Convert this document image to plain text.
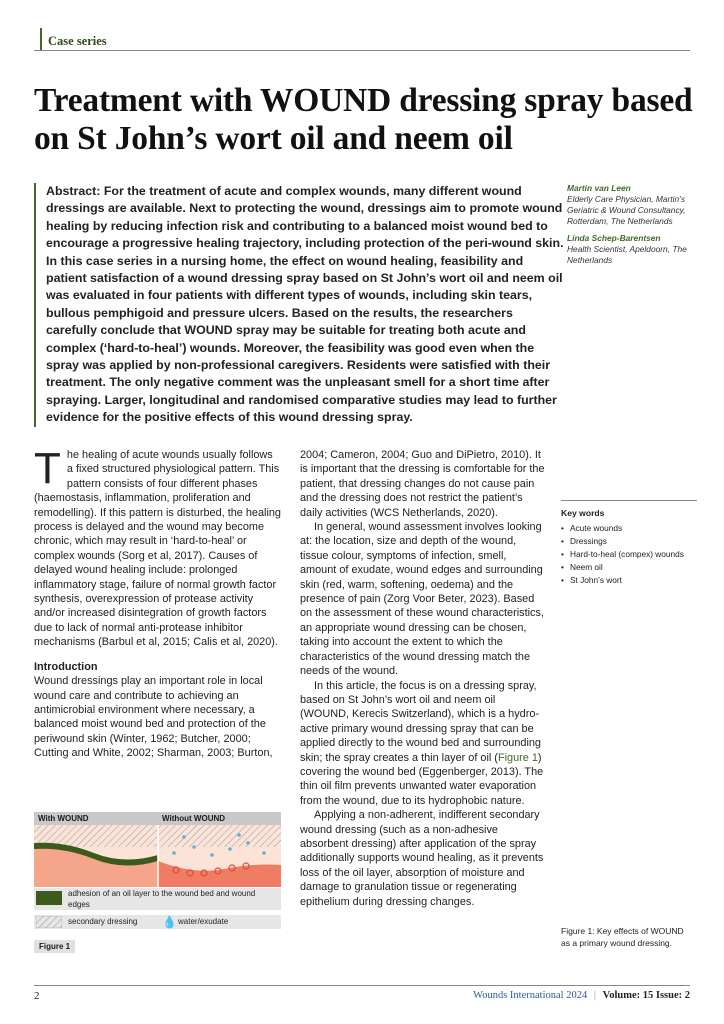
Case series
Treatment with WOUND dressing spray based on St John’s wort oil and neem oil
Abstract: For the treatment of acute and complex wounds, many different wound dressings are available. Next to protecting the wound, dressings aim to promote wound healing by reducing infection risk and contributing to a balanced moist wound bed to encourage a progressive healing trajectory, including protection of the peri-wound skin. In this case series in a nursing home, the effect on wound healing, feasibility and patient satisfaction of a wound dressing spray based on St John’s wort oil and neem oil was evaluated in four patients with different types of wounds, including skin tears, bullous pemphigoid and pressure ulcers. Based on the results, the researchers carefully conclude that WOUND spray may be suitable for treating both acute and complex (‘hard-to-heal’) wounds. Moreover, the feasibility was good even when the spray was applied by non-professional caregivers. Residents were satisfied with their treatment. The only negative comment was the unpleasant smell for a short time after spraying. Larger, longitudinal and randomised comparative studies may lead to further evidence for the positive effects of this wound dressing spray.
Martin van Leen
Elderly Care Physician, Martin’s Geriatric & Wound Consultancy, Rotterdam, The Netherlands
Linda Schep-Barentsen
Health Scientist, Apeldoorn, The Netherlands
The healing of acute wounds usually follows a fixed structured physiological pattern. This pattern consists of four different phases (haemostasis, inflammation, proliferation and remodelling). If this pattern is disturbed, the healing process is delayed and the wound may become chronic, which may result in ‘hard-to-heal’ or complex wounds (Sorg et al, 2017). Causes of delayed wound healing include: prolonged inflammatory stage, failure of normal growth factor synthesis, overexpression of protease activity and/or increased disintegration of growth factors due to lack of normal anti-protease inhibitor mechanisms (Barbul et al, 2015; Calis et al, 2020).
Introduction
Wound dressings play an important role in local wound care and contribute to achieving an antimicrobial environment where necessary, a balanced moist wound bed and protection of the periwound skin (Winter, 1962; Butcher, 2000; Cutting and White, 2002; Sharman, 2003; Burton,
2004; Cameron, 2004; Guo and DiPietro, 2010). It is important that the dressing is comfortable for the patient, that dressing changes do not cause pain and the dressing does not restrict the patient’s daily activities (WCS Netherlands, 2020).
In general, wound assessment involves looking at: the location, size and depth of the wound, tissue colour, symptoms of infection, smell, amount of exudate, wound edges and surrounding skin (red, warm, softening, oedema) and the presence of pain (Zorg Voor Beter, 2023). Based on the assessment of these wound characteristics, an appropriate wound dressing can be chosen, taking into account the extent to which the characteristics of the wound dressing match the needs of the wound.
In this article, the focus is on a dressing spray, based on St John’s wort oil and neem oil (WOUND, Kerecis Switzerland), which is a hydro-active primary wound dressing spray that can be applied directly to the wound bed and surrounding skin; the spray creates a thin layer of oil (Figure 1) covering the wound bed (Eggenberger, 2013). The thin oil film prevents unwanted water evaporation from the wound, due to its hydrophobic nature.
Applying a non-adherent, indifferent secondary wound dressing (such as a non-adhesive absorbent dressing) after application of the spray additionally supports wound healing, as it prevents loss of the oil layer, absorption of moisture and damage to granulation tissue or regenerating epithelium during dressing changes.
Key words
• Acute wounds
• Dressings
• Hard-to-heal (compex) wounds
• Neem oil
• St John’s wort
With WOUND	Without WOUND
adhesion of an oil layer to the wound bed and wound edges
secondary dressing 💧 water/exudate
Figure 1
Figure 1: Key effects of WOUND as a primary wound dressing.
2	Wounds International 2024 | Volume: 15 Issue: 2
